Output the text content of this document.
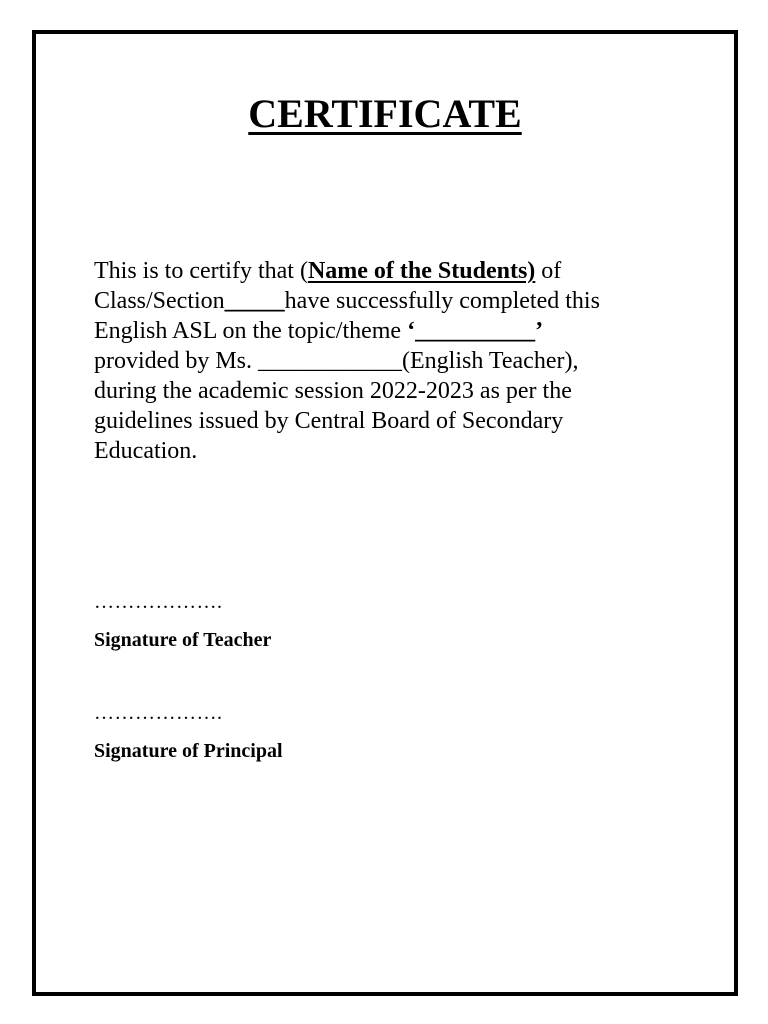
CERTIFICATE
This is to certify that (Name of the Students) of
Class/Section_____have successfully completed this
English ASL on the topic/theme ‘__________’
provided by Ms. ____________(English Teacher),
during the academic session 2022-2023 as per the
guidelines issued by Central Board of Secondary
Education.
……………….
Signature of Teacher
……………….
Signature of Principal
